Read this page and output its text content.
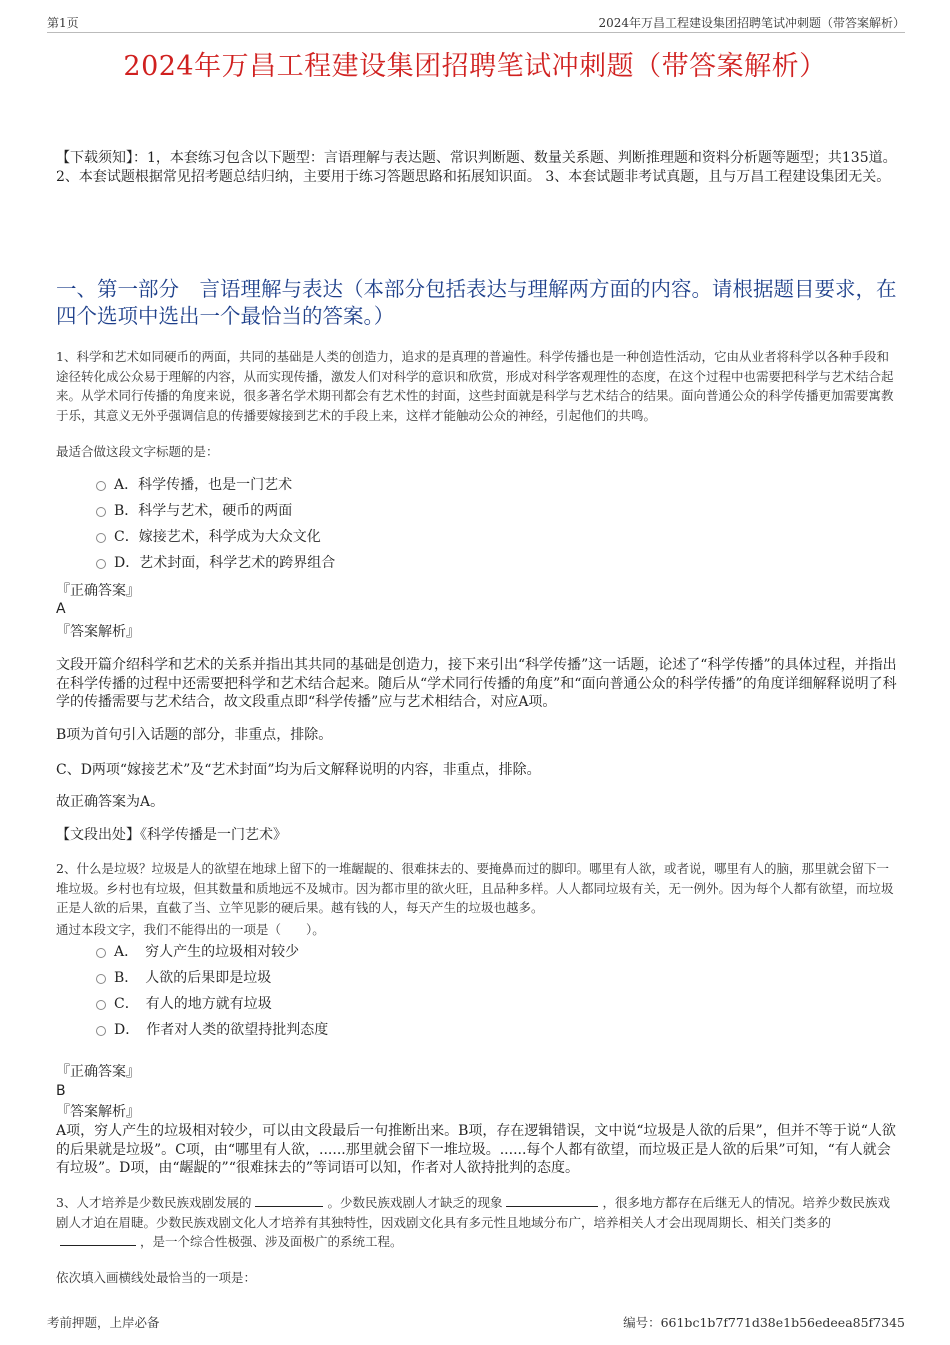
第1页	2024年万昌工程建设集团招聘笔试冲刺题（带答案解析）
2024年万昌工程建设集团招聘笔试冲刺题（带答案解析）
【下载须知】：1，本套练习包含以下题型：言语理解与表达题、常识判断题、数量关系题、判断推理题和资料分析题等题型；共135道。 2、本套试题根据常见招考题总结归纳，主要用于练习答题思路和拓展知识面。 3、本套试题非考试真题，且与万昌工程建设集团无关。
一、第一部分　言语理解与表达（本部分包括表达与理解两方面的内容。请根据题目要求，在四个选项中选出一个最恰当的答案。）
1、科学和艺术如同硬币的两面，共同的基础是人类的创造力，追求的是真理的普遍性。科学传播也是一种创造性活动，它由从业者将科学以各种手段和途径转化成公众易于理解的内容，从而实现传播，激发人们对科学的意识和欣赏，形成对科学客观理性的态度，在这个过程中也需要把科学与艺术结合起来。从学术同行传播的角度来说，很多著名学术期刊都会有艺术性的封面，这些封面就是科学与艺术结合的结果。面向普通公众的科学传播更加需要寓教于乐，其意义无外乎强调信息的传播要嫁接到艺术的手段上来，这样才能触动公众的神经，引起他们的共鸣。
最适合做这段文字标题的是：
A．科学传播，也是一门艺术
B．科学与艺术，硬币的两面
C．嫁接艺术，科学成为大众文化
D．艺术封面，科学艺术的跨界组合
『正确答案』
A
『答案解析』
文段开篇介绍科学和艺术的关系并指出其共同的基础是创造力，接下来引出“科学传播”这一话题，论述了“科学传播”的具体过程，并指出在科学传播的过程中还需要把科学和艺术结合起来。随后从“学术同行传播的角度”和“面向普通公众的科学传播”的角度详细解释说明了科学的传播需要与艺术结合，故文段重点即“科学传播”应与艺术相结合，对应A项。
B项为首句引入话题的部分，非重点，排除。
C、D两项“嫁接艺术”及“艺术封面”均为后文解释说明的内容，非重点，排除。
故正确答案为A。
【文段出处】《科学传播是一门艺术》
2、什么是垃圾？垃圾是人的欲望在地球上留下的一堆龌龊的、很难抹去的、要掩鼻而过的脚印。哪里有人欲，或者说，哪里有人的脑，那里就会留下一堆垃圾。乡村也有垃圾，但其数量和质地远不及城市。因为都市里的欲火旺，且品种多样。人人都同垃圾有关，无一例外。因为每个人都有欲望，而垃圾正是人欲的后果，直截了当、立竿见影的硬后果。越有钱的人，每天产生的垃圾也越多。
通过本段文字，我们不能得出的一项是（　　）。
A．　穷人产生的垃圾相对较少
B．　人欲的后果即是垃圾
C．　有人的地方就有垃圾
D．　作者对人类的欲望持批判态度
『正确答案』
B
『答案解析』
A项，穷人产生的垃圾相对较少，可以由文段最后一句推断出来。B项，存在逻辑错误，文中说“垃圾是人欲的后果”，但并不等于说“人欲的后果就是垃圾”。C项，由“哪里有人欲，......那里就会留下一堆垃圾。......每个人都有欲望，而垃圾正是人欲的后果”可知，“有人就会有垃圾”。D项，由“龌龊的”“很难抹去的”等词语可以知，作者对人欲持批判的态度。
3、人才培养是少数民族戏剧发展的	。少数民族戏剧人才缺乏的现象	，很多地方都存在后继无人的情况。培养少数民族戏剧人才迫在眉睫。少数民族戏剧文化人才培养有其独特性，因戏剧文化具有多元性且地域分布广，培养相关人才会出现周期长、相关门类多的，是一个综合性极强、涉及面极广的系统工程。
依次填入画横线处最恰当的一项是：
考前押题，上岸必备	编号：661bc1b7f771d38e1b56edeea85f7345
